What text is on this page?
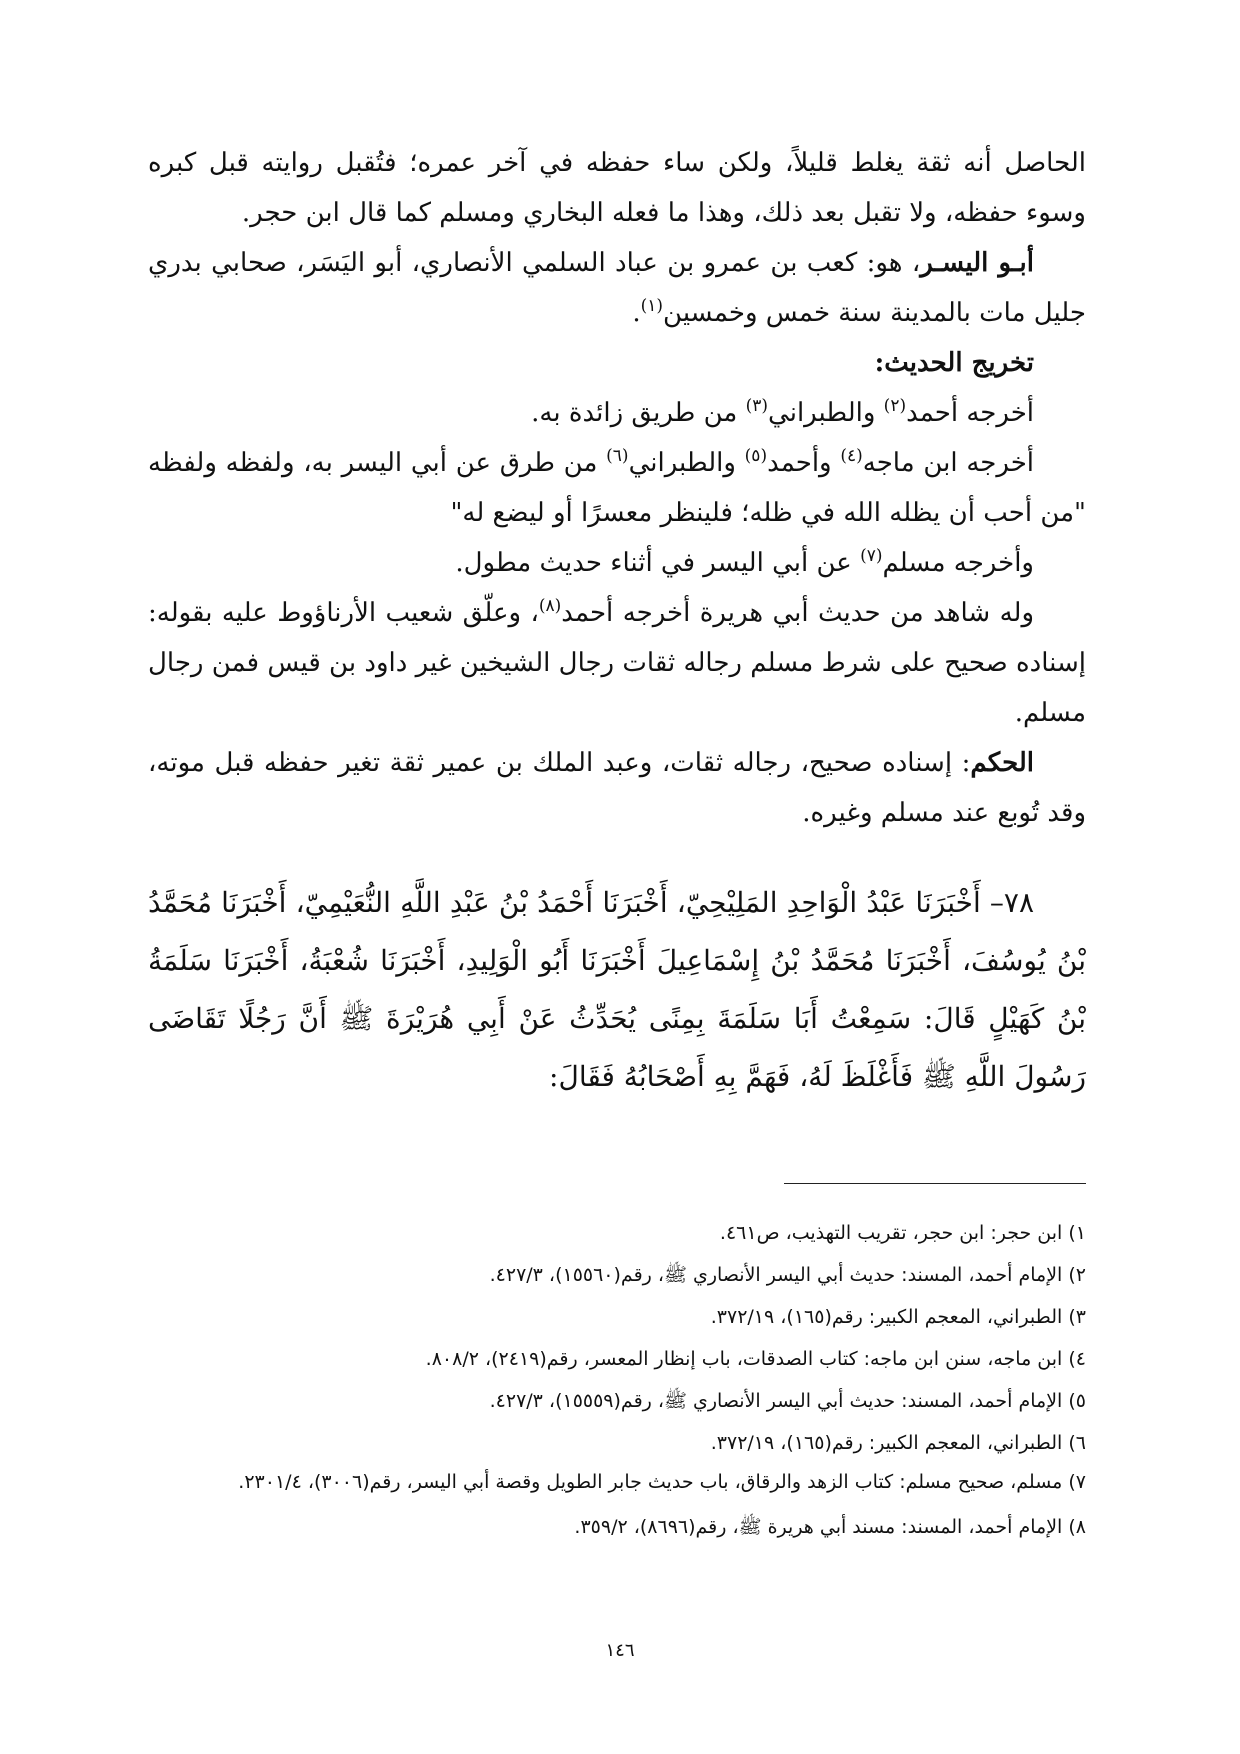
الحاصل أنه ثقة يغلط قليلاً، ولكن ساء حفظه في آخر عمره؛ فتُقبل روايته قبل كبره وسوء حفظه، ولا تقبل بعد ذلك، وهذا ما فعله البخاري ومسلم كما قال ابن حجر.

أبـو اليسـر، هو: كعب بن عمرو بن عباد السلمي الأنصاري، أبو اليَسَر، صحابي بدري جليل مات بالمدينة سنة خمس وخمسين$^{(١)}$.

تخريج الحديث:

أخرجه أحمد$^{(٢)}$ والطبراني$^{(٣)}$ من طريق زائدة به.

أخرجه ابن ماجه$^{(٤)}$ وأحمد$^{(٥)}$ والطبراني$^{(٦)}$ من طرق عن أبي اليسر به، ولفظه ولفظه "من أحب أن يظله الله في ظله؛ فلينظر معسرًا أو ليضع له"

وأخرجه مسلم$^{(٧)}$ عن أبي اليسر في أثناء حديث مطول.

وله شاهد من حديث أبي هريرة أخرجه أحمد$^{(٨)}$، وعلّق شعيب الأرناؤوط عليه بقوله: إسناده صحيح على شرط مسلم رجاله ثقات رجال الشيخين غير داود بن قيس فمن رجال مسلم.

الحكم: إسناده صحيح، رجاله ثقات، وعبد الملك بن عمير ثقة تغير حفظه قبل موته، وقد تُوبع عند مسلم وغيره.

٧٨– أَخْبَرَنَا عَبْدُ الْوَاحِدِ المَلِيْحِيّ، أَخْبَرَنَا أَحْمَدُ بْنُ عَبْدِ اللَّهِ النُّعَيْمِيّ، أَخْبَرَنَا مُحَمَّدُ بْنُ يُوسُفَ، أَخْبَرَنَا مُحَمَّدُ بْنُ إِسْمَاعِيلَ أَخْبَرَنَا أَبُو الْوَلِيدِ، أَخْبَرَنَا شُعْبَةُ، أَخْبَرَنَا سَلَمَةُ بْنُ كَهَيْلٍ قَالَ: سَمِعْتُ أَبَا سَلَمَةَ بِمِنًى يُحَدِّثُ عَنْ أَبِي هُرَيْرَةَ ﷺ أَنَّ رَجُلًا تَقَاضَى رَسُولَ اللَّهِ ﷺ فَأَغْلَظَ لَهُ، فَهَمَّ بِهِ أَصْحَابُهُ فَقَالَ:

١) ابن حجر: ابن حجر، تقريب التهذيب، ص٤٦١.

٢) الإمام أحمد، المسند: حديث أبي اليسر الأنصاري ﷺ، رقم(١٥٥٦٠)، ٤٢٧/٣.

٣) الطبراني، المعجم الكبير: رقم(١٦٥)، ٣٧٢/١٩.

٤) ابن ماجه، سنن ابن ماجه: كتاب الصدقات، باب إنظار المعسر، رقم(٢٤١٩)، ٨٠٨/٢.

٥) الإمام أحمد، المسند: حديث أبي اليسر الأنصاري ﷺ، رقم(١٥٥٥٩)، ٤٢٧/٣.

٦) الطبراني، المعجم الكبير: رقم(١٦٥)، ٣٧٢/١٩.

٧) مسلم، صحيح مسلم: كتاب الزهد والرقاق، باب حديث جابر الطويل وقصة أبي اليسر، رقم(٣٠٠٦)، ٢٣٠١/٤.

٨) الإمام أحمد، المسند: مسند أبي هريرة ﷺ، رقم(٨٦٩٦)، ٣٥٩/٢.

١٤٦
